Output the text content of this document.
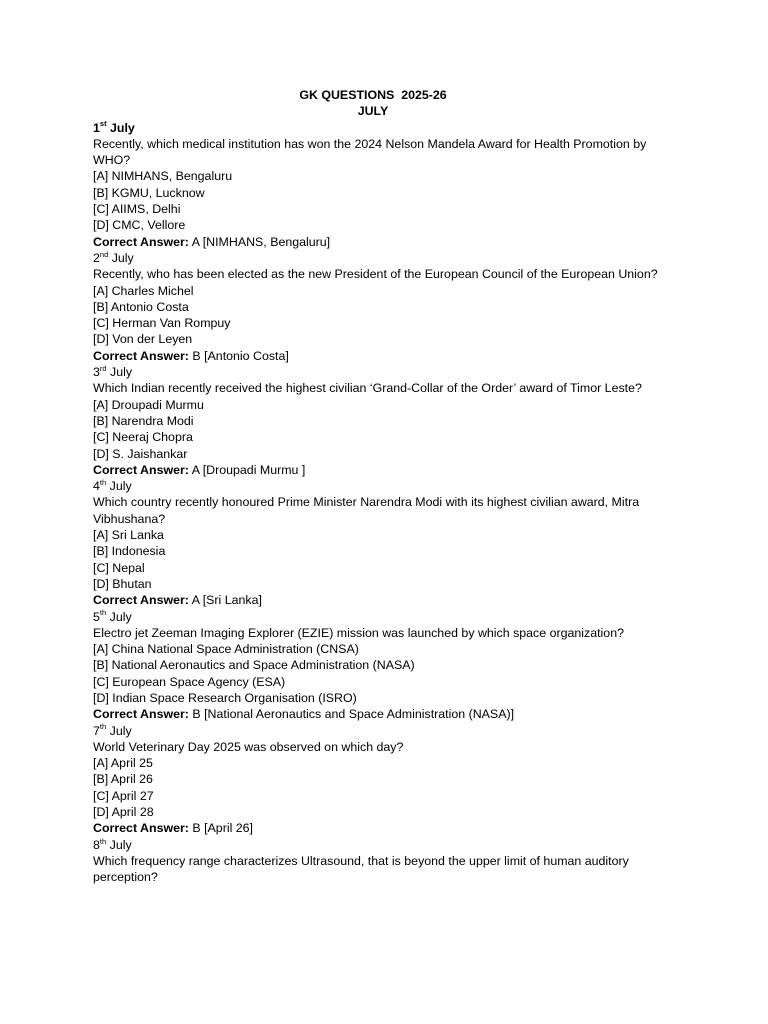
GK QUESTIONS  2025-26
JULY
1st July
Recently, which medical institution has won the 2024 Nelson Mandela Award for Health Promotion by WHO?
[A] NIMHANS, Bengaluru
[B] KGMU, Lucknow
[C] AIIMS, Delhi
[D] CMC, Vellore
Correct Answer: A [NIMHANS, Bengaluru]
2nd July
Recently, who has been elected as the new President of the European Council of the European Union?
[A] Charles Michel
[B] Antonio Costa
[C] Herman Van Rompuy
[D] Von der Leyen
Correct Answer: B [Antonio Costa]
3rd July
Which Indian recently received the highest civilian ‘Grand-Collar of the Order’ award of Timor Leste?
[A] Droupadi Murmu
[B] Narendra Modi
[C] Neeraj Chopra
[D] S. Jaishankar
Correct Answer: A [Droupadi Murmu ]
4th July
Which country recently honoured Prime Minister Narendra Modi with its highest civilian award, Mitra Vibhushana?
[A] Sri Lanka
[B] Indonesia
[C] Nepal
[D] Bhutan
Correct Answer: A [Sri Lanka]
5th July
Electro jet Zeeman Imaging Explorer (EZIE) mission was launched by which space organization?
[A] China National Space Administration (CNSA)
[B] National Aeronautics and Space Administration (NASA)
[C] European Space Agency (ESA)
[D] Indian Space Research Organisation (ISRO)
Correct Answer: B [National Aeronautics and Space Administration (NASA)]
7th July
World Veterinary Day 2025 was observed on which day?
[A] April 25
[B] April 26
[C] April 27
[D] April 28
Correct Answer: B [April 26]
8th July
Which frequency range characterizes Ultrasound, that is beyond the upper limit of human auditory perception?
